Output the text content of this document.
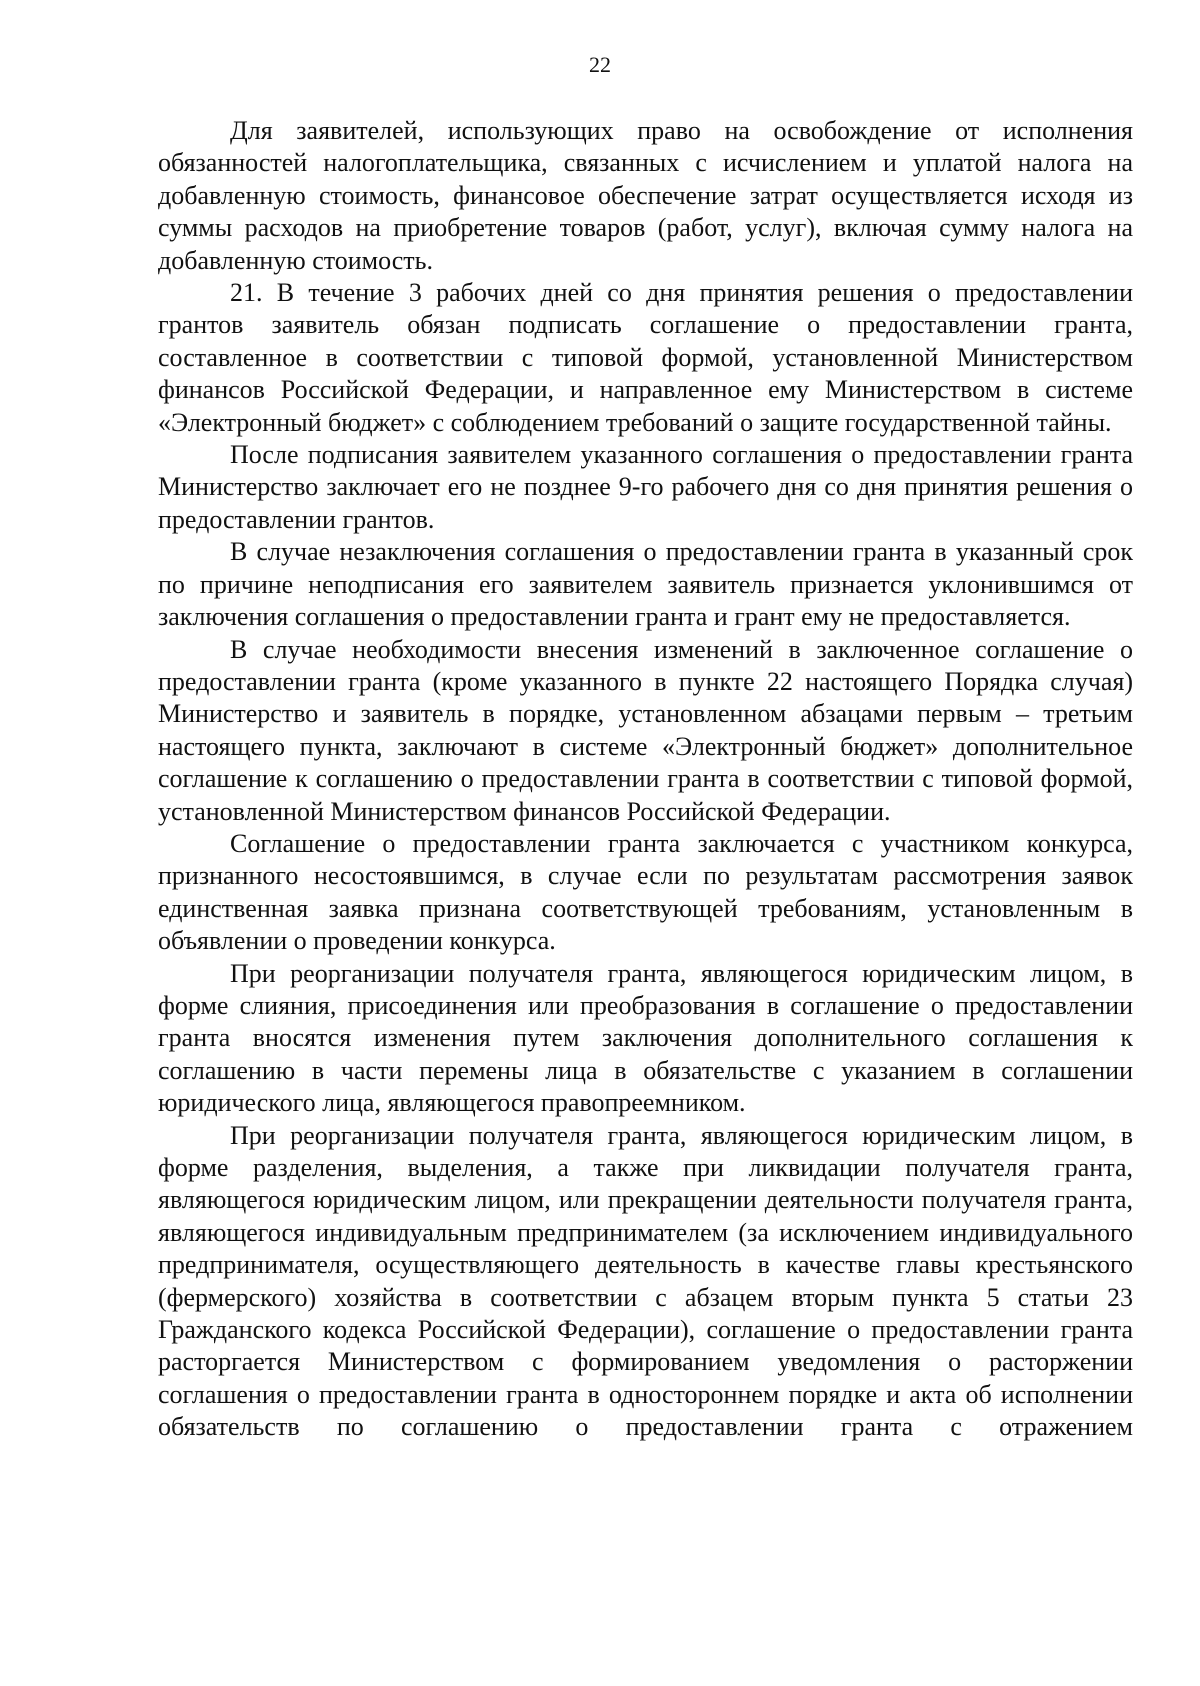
22

Для заявителей, использующих право на освобождение от исполнения обязанностей налогоплательщика, связанных с исчислением и уплатой налога на добавленную стоимость, финансовое обеспечение затрат осуществляется исходя из суммы расходов на приобретение товаров (работ, услуг), включая сумму налога на добавленную стоимость.

21. В течение 3 рабочих дней со дня принятия решения о предоставлении грантов заявитель обязан подписать соглашение о предоставлении гранта, составленное в соответствии с типовой формой, установленной Министерством финансов Российской Федерации, и направленное ему Министерством в системе «Электронный бюджет» с соблюдением требований о защите государственной тайны.

После подписания заявителем указанного соглашения о предоставлении гранта Министерство заключает его не позднее 9-го рабочего дня со дня принятия решения о предоставлении грантов.

В случае незаключения соглашения о предоставлении гранта в указанный срок по причине неподписания его заявителем заявитель признается уклонившимся от заключения соглашения о предоставлении гранта и грант ему не предоставляется.

В случае необходимости внесения изменений в заключенное соглашение о предоставлении гранта (кроме указанного в пункте 22 настоящего Порядка случая) Министерство и заявитель в порядке, установленном абзацами первым – третьим настоящего пункта, заключают в системе «Электронный бюджет» дополнительное соглашение к соглашению о предоставлении гранта в соответствии с типовой формой, установленной Министерством финансов Российской Федерации.

Соглашение о предоставлении гранта заключается с участником конкурса, признанного несостоявшимся, в случае если по результатам рассмотрения заявок единственная заявка признана соответствующей требованиям, установленным в объявлении о проведении конкурса.

При реорганизации получателя гранта, являющегося юридическим лицом, в форме слияния, присоединения или преобразования в соглашение о предоставлении гранта вносятся изменения путем заключения дополнительного соглашения к соглашению в части перемены лица в обязательстве с указанием в соглашении юридического лица, являющегося правопреемником.

При реорганизации получателя гранта, являющегося юридическим лицом, в форме разделения, выделения, а также при ликвидации получателя гранта, являющегося юридическим лицом, или прекращении деятельности получателя гранта, являющегося индивидуальным предпринимателем (за исключением индивидуального предпринимателя, осуществляющего деятельность в качестве главы крестьянского (фермерского) хозяйства в соответствии с абзацем вторым пункта 5 статьи 23 Гражданского кодекса Российской Федерации), соглашение о предоставлении гранта расторгается Министерством с формированием уведомления о расторжении соглашения о предоставлении гранта в одностороннем порядке и акта об исполнении обязательств по соглашению о предоставлении гранта с отражением
